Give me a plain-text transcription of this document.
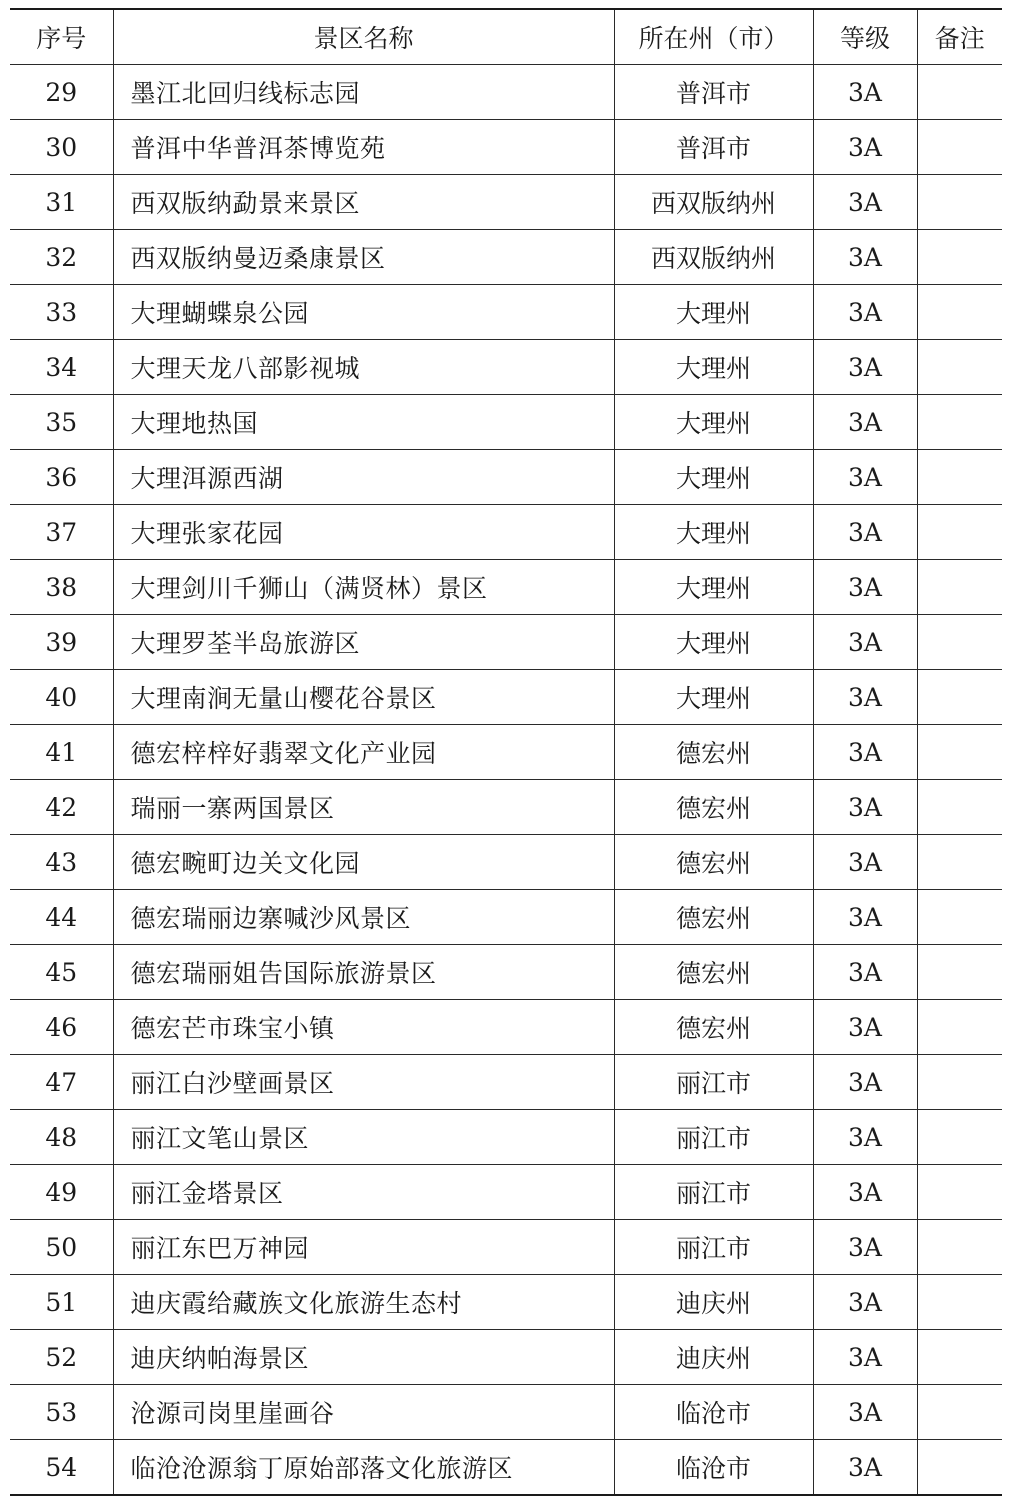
序号	景区名称	所在州（市）	等级	备注
29	墨江北回归线标志园	普洱市	3A	
30	普洱中华普洱茶博览苑	普洱市	3A	
31	西双版纳勐景来景区	西双版纳州	3A	
32	西双版纳曼迈桑康景区	西双版纳州	3A	
33	大理蝴蝶泉公园	大理州	3A	
34	大理天龙八部影视城	大理州	3A	
35	大理地热国	大理州	3A	
36	大理洱源西湖	大理州	3A	
37	大理张家花园	大理州	3A	
38	大理剑川千狮山（满贤林）景区	大理州	3A	
39	大理罗荃半岛旅游区	大理州	3A	
40	大理南涧无量山樱花谷景区	大理州	3A	
41	德宏梓梓好翡翠文化产业园	德宏州	3A	
42	瑞丽一寨两国景区	德宏州	3A	
43	德宏畹町边关文化园	德宏州	3A	
44	德宏瑞丽边寨喊沙风景区	德宏州	3A	
45	德宏瑞丽姐告国际旅游景区	德宏州	3A	
46	德宏芒市珠宝小镇	德宏州	3A	
47	丽江白沙壁画景区	丽江市	3A	
48	丽江文笔山景区	丽江市	3A	
49	丽江金塔景区	丽江市	3A	
50	丽江东巴万神园	丽江市	3A	
51	迪庆霞给藏族文化旅游生态村	迪庆州	3A	
52	迪庆纳帕海景区	迪庆州	3A	
53	沧源司岗里崖画谷	临沧市	3A	
54	临沧沧源翁丁原始部落文化旅游区	临沧市	3A	
